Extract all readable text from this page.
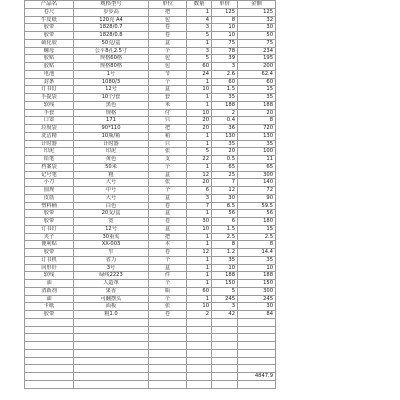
产品名	规格型号	单位	数量	单价	金额
卷尺	步步高	把	1	125	125
牛皮纸	120克 A4	包	4	8	32
胶带	1828/0.7	卷	3	10	30
胶带	1828/0.8	卷	5	10	50
硫化胶	50克/盒	盒	1	75	75
螺母	公平8孔2.5寸	个	3	78	234
胶贴	规格60格	包	5	39	195
胶贴	规格80格	包	60	3	200
电池	1号	节	24	2.6	62.4
封条	1080/3	个	1	60	60
订书钉	12号	盒	10	1.5	15
手提袋	10个/套	套	1	35	35
软线	黑色	米	1	188	188
手套	规格	付	10	2	20
口罩	171	只	20	0.4	8
垃圾袋	90*110	把	20	36	720
洗洁精	10瓶/箱	箱	1	130	130
计时器	计时器	只	1	35	35
印泥	印泥	张	5	20	100
铅笔	黄色	支	22	0.5	11
档案袋	50米	个	1	65	65
记号笔	粗	盒	12	25	300
小刀	大号	张	20	7	140
圆规	中号	个	6	12	72
皮筋	大号	盒	3	30	90
塑料桶	白色	卷	7	8.5	59.5
胶带	20支/盒	盒	1	56	56
胶带	宽	卷	30	6	180
订书钉	12号	盒	10	1.5	15
夹子	30重夹	把	1	2.5	2.5
便利贴	XX-003	本	1	8	8
胶带	窄	卷	12	1.2	14.4
订书机	省力	个	1	35	35
回形针	3号	盒	1	10	10
软线	绿线2223	件	1	188	188
油	人造革	个	1	150	150
清新剂	果香	瓶	60	5	300
油	可翻摆头	个	1	245	245
卡纸	面板	张	10	3	30
胶带	粗1.0	卷	2	42	84

					4847.9
